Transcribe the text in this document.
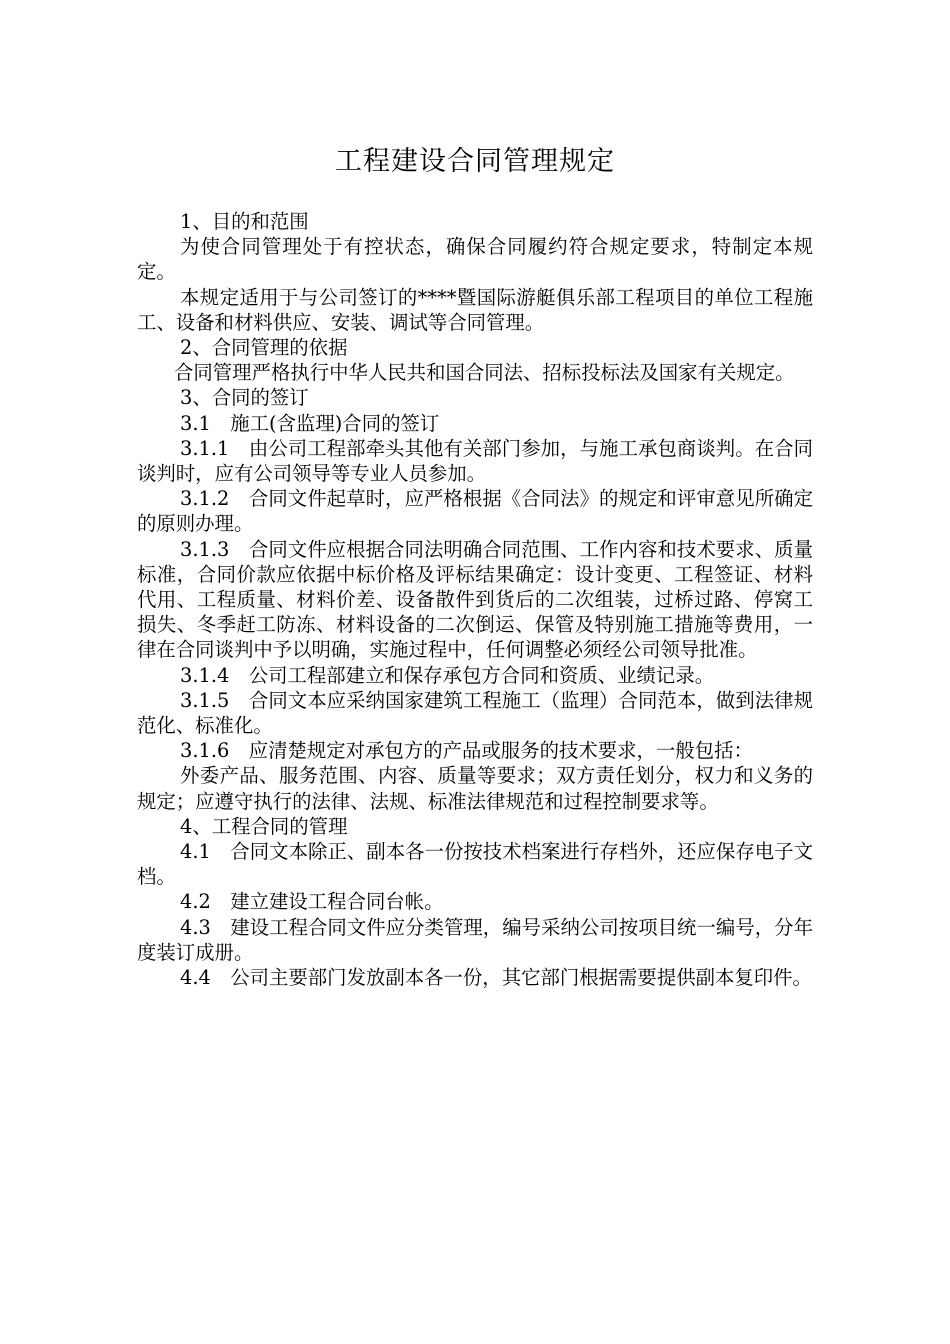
工程建设合同管理规定

1、目的和范围

为使合同管理处于有控状态，确保合同履约符合规定要求，特制定本规定。

本规定适用于与公司签订的****暨国际游艇俱乐部工程项目的单位工程施工、设备和材料供应、安装、调试等合同管理。

2、合同管理的依据

合同管理严格执行中华人民共和国合同法、招标投标法及国家有关规定。

3、合同的签订

3.1　施工(含监理)合同的签订

3.1.1　由公司工程部牵头其他有关部门参加，与施工承包商谈判。在合同谈判时，应有公司领导等专业人员参加。

3.1.2　合同文件起草时，应严格根据《合同法》的规定和评审意见所确定的原则办理。

3.1.3　合同文件应根据合同法明确合同范围、工作内容和技术要求、质量标准，合同价款应依据中标价格及评标结果确定：设计变更、工程签证、材料代用、工程质量、材料价差、设备散件到货后的二次组装，过桥过路、停窝工损失、冬季赶工防冻、材料设备的二次倒运、保管及特别施工措施等费用，一律在合同谈判中予以明确，实施过程中，任何调整必须经公司领导批准。

3.1.4　公司工程部建立和保存承包方合同和资质、业绩记录。

3.1.5　合同文本应采纳国家建筑工程施工（监理）合同范本，做到法律规范化、标准化。

3.1.6　应清楚规定对承包方的产品或服务的技术要求，一般包括：

外委产品、服务范围、内容、质量等要求；双方责任划分，权力和义务的规定；应遵守执行的法律、法规、标准法律规范和过程控制要求等。

4、工程合同的管理

4.1　合同文本除正、副本各一份按技术档案进行存档外，还应保存电子文档。

4.2　建立建设工程合同台帐。

4.3　建设工程合同文件应分类管理，编号采纳公司按项目统一编号，分年度装订成册。

4.4　公司主要部门发放副本各一份，其它部门根据需要提供副本复印件。
